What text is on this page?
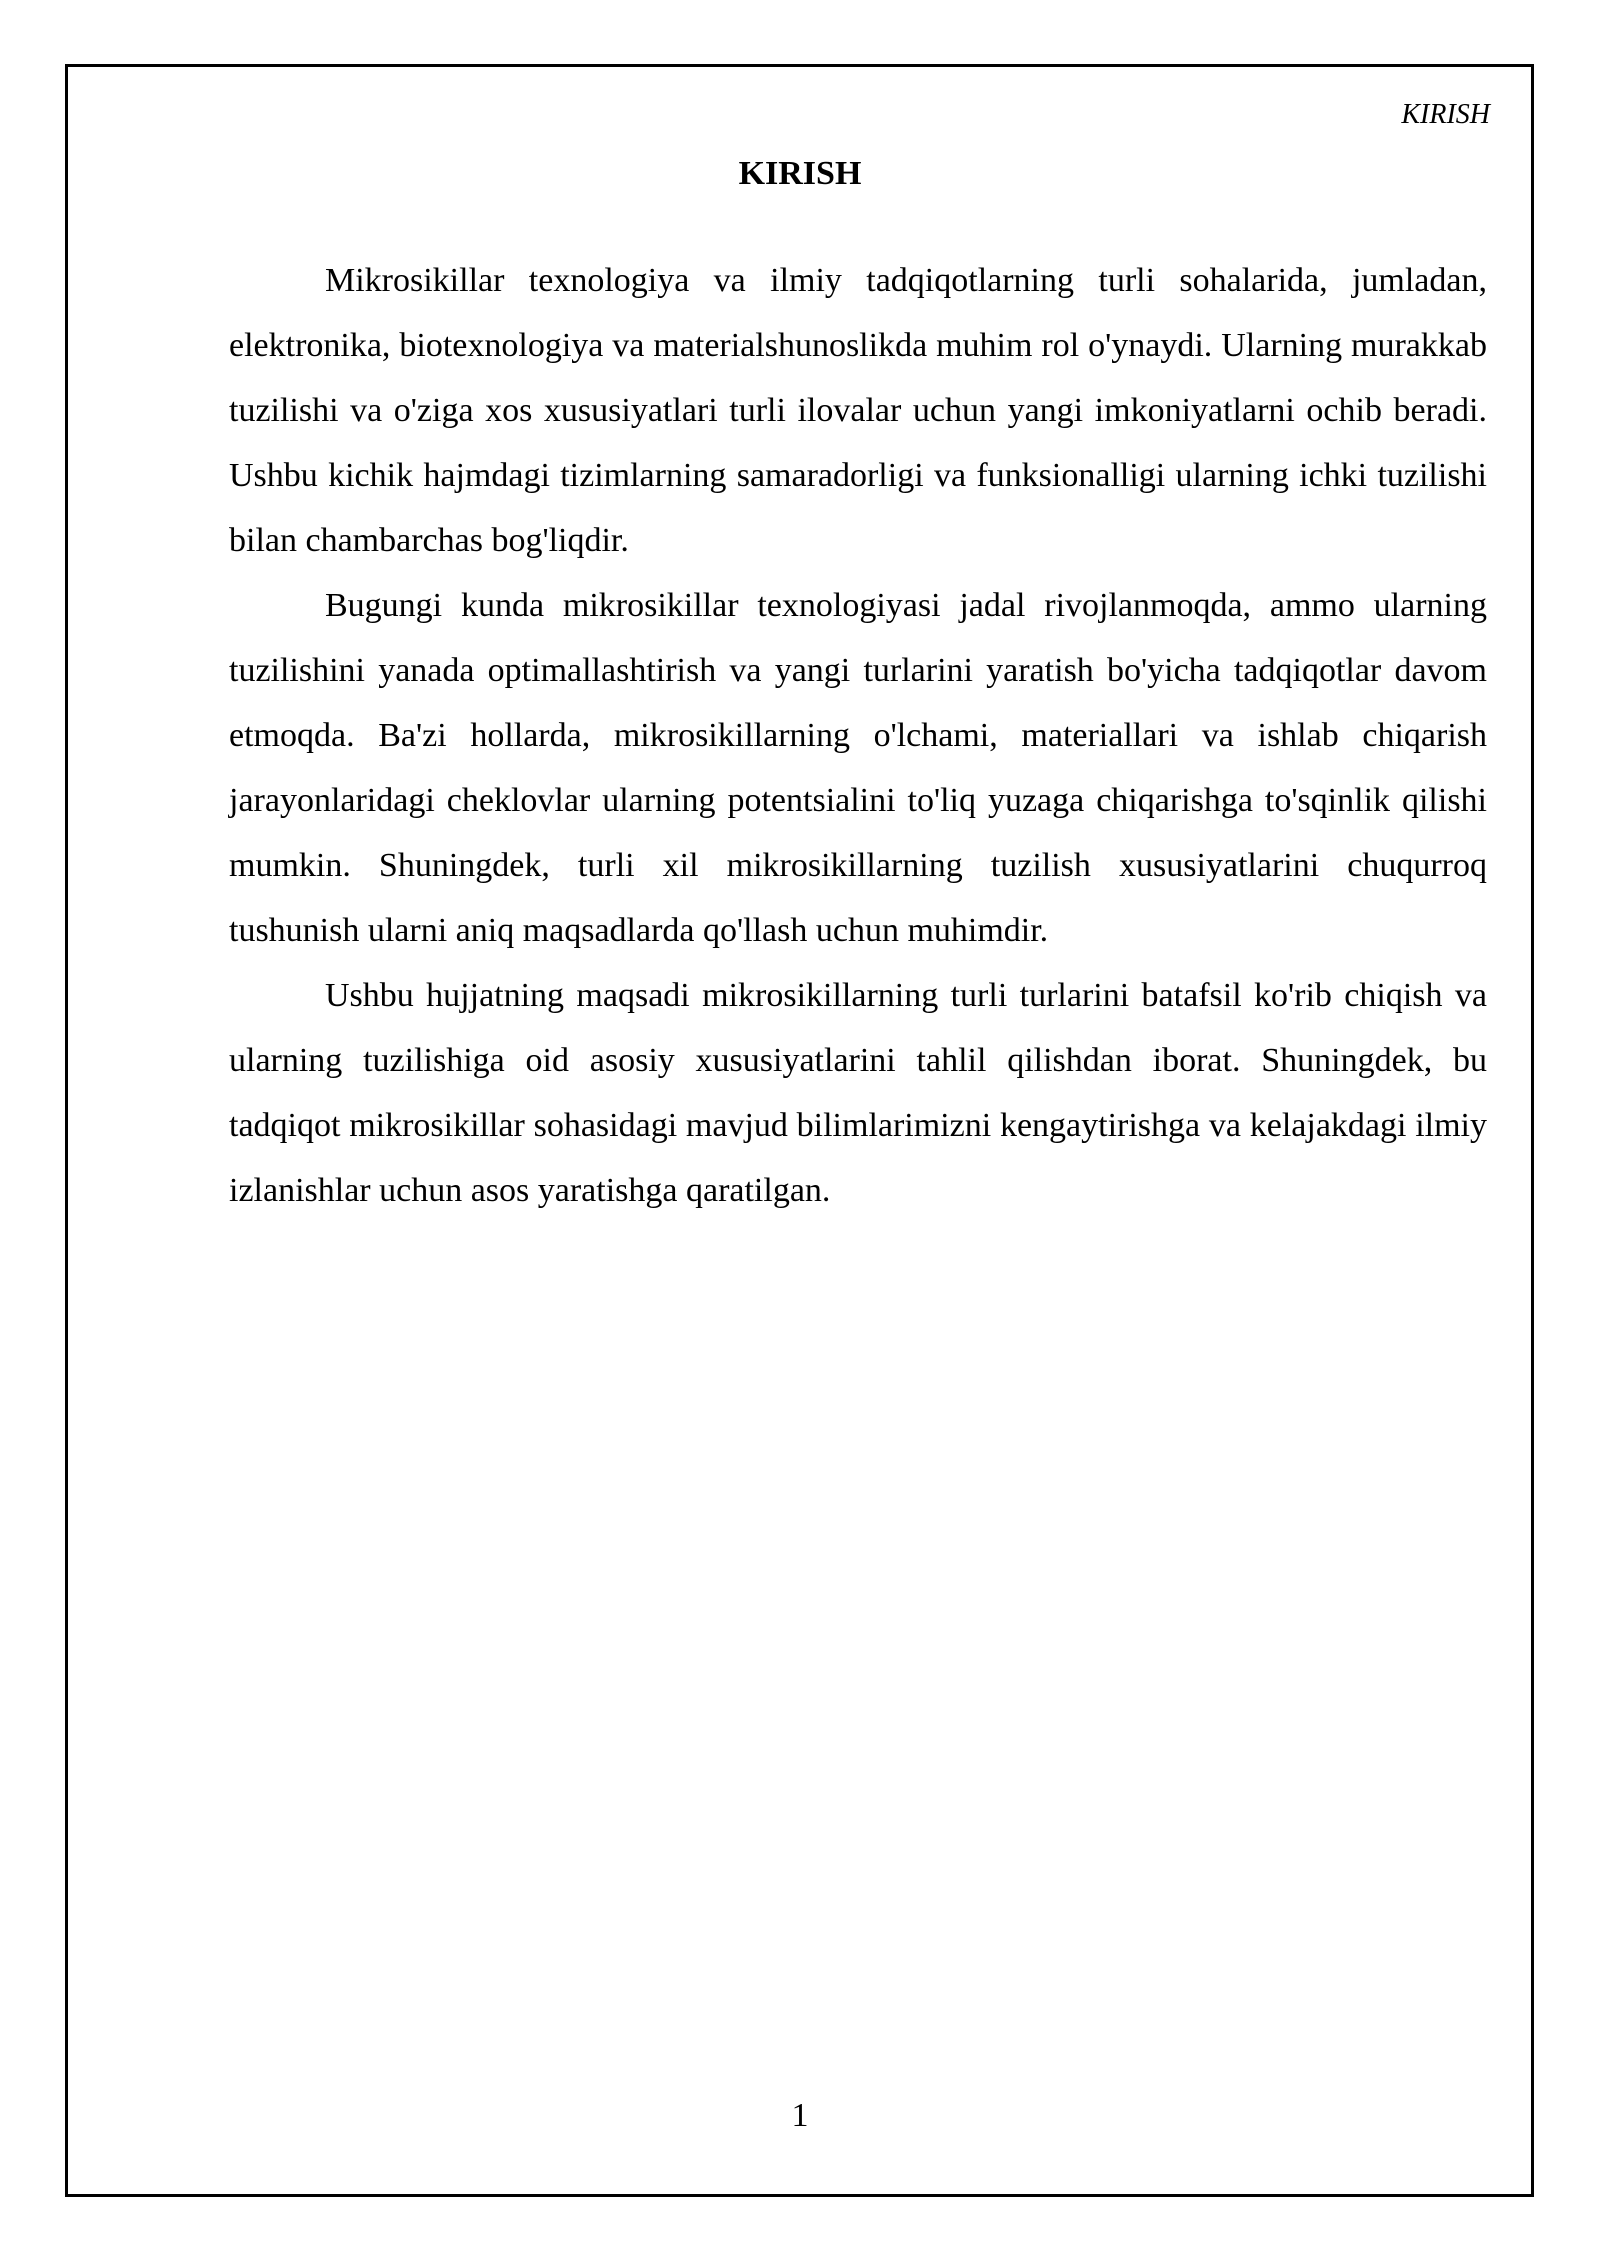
KIRISH
KIRISH

Mikrosikillar texnologiya va ilmiy tadqiqotlarning turli sohalarida, jumladan, elektronika, biotexnologiya va materialshunoslikda muhim rol o'ynaydi. Ularning murakkab tuzilishi va o'ziga xos xususiyatlari turli ilovalar uchun yangi imkoniyatlarni ochib beradi. Ushbu kichik hajmdagi tizimlarning samaradorligi va funksionalligi ularning ichki tuzilishi bilan chambarchas bog'liqdir.

Bugungi kunda mikrosikillar texnologiyasi jadal rivojlanmoqda, ammo ularning tuzilishini yanada optimallashtirish va yangi turlarini yaratish bo'yicha tadqiqotlar davom etmoqda. Ba'zi hollarda, mikrosikillarning o'lchami, materiallari va ishlab chiqarish jarayonlaridagi cheklovlar ularning potentsialini to'liq yuzaga chiqarishga to'sqinlik qilishi mumkin. Shuningdek, turli xil mikrosikillarning tuzilish xususiyatlarini chuqurroq tushunish ularni aniq maqsadlarda qo'llash uchun muhimdir.

Ushbu hujjatning maqsadi mikrosikillarning turli turlarini batafsil ko'rib chiqish va ularning tuzilishiga oid asosiy xususiyatlarini tahlil qilishdan iborat. Shuningdek, bu tadqiqot mikrosikillar sohasidagi mavjud bilimlarimizni kengaytirishga va kelajakdagi ilmiy izlanishlar uchun asos yaratishga qaratilgan.

1
